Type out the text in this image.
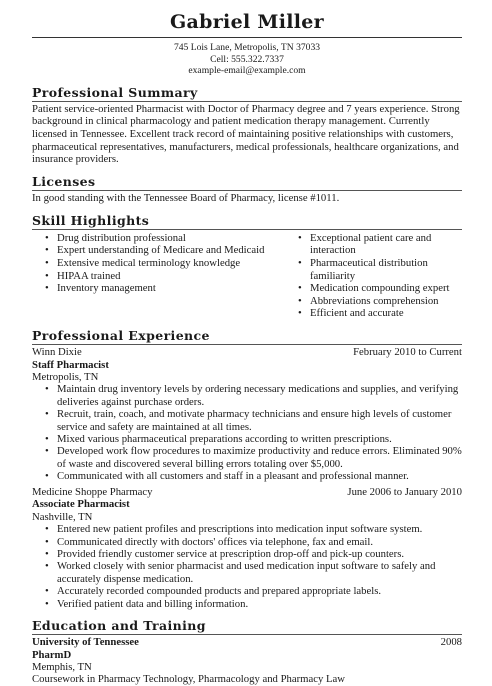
Gabriel Miller
745 Lois Lane, Metropolis, TN 37033
Cell: 555.322.7337
example-email@example.com
Professional Summary
Patient service-oriented Pharmacist with Doctor of Pharmacy degree and 7 years experience. Strong background in clinical pharmacology and patient medication therapy management. Currently licensed in Tennessee. Excellent track record of maintaining positive relationships with customers, pharmaceutical representatives, manufacturers, medical professionals, healthcare organizations, and insurance providers.
Licenses
In good standing with the Tennessee Board of Pharmacy, license #1011.
Skill Highlights
• Drug distribution professional
• Expert understanding of Medicare and Medicaid
• Extensive medical terminology knowledge
• HIPAA trained
• Inventory management
• Exceptional patient care and interaction
• Pharmaceutical distribution familiarity
• Medication compounding expert
• Abbreviations comprehension
• Efficient and accurate
Professional Experience
Winn Dixie	February 2010 to Current
Staff Pharmacist
Metropolis, TN
• Maintain drug inventory levels by ordering necessary medications and supplies, and verifying deliveries against purchase orders.
• Recruit, train, coach, and motivate pharmacy technicians and ensure high levels of customer service and safety are maintained at all times.
• Mixed various pharmaceutical preparations according to written prescriptions.
• Developed work flow procedures to maximize productivity and reduce errors. Eliminated 90% of waste and discovered several billing errors totaling over $5,000.
• Communicated with all customers and staff in a pleasant and professional manner.
Medicine Shoppe Pharmacy	June 2006 to January 2010
Associate Pharmacist
Nashville, TN
• Entered new patient profiles and prescriptions into medication input software system.
• Communicated directly with doctors' offices via telephone, fax and email.
• Provided friendly customer service at prescription drop-off and pick-up counters.
• Worked closely with senior pharmacist and used medication input software to safely and accurately dispense medication.
• Accurately recorded compounded products and prepared appropriate labels.
• Verified patient data and billing information.
Education and Training
University of Tennessee	2008
PharmD
Memphis, TN
Coursework in Pharmacy Technology, Pharmacology and Pharmacy Law
